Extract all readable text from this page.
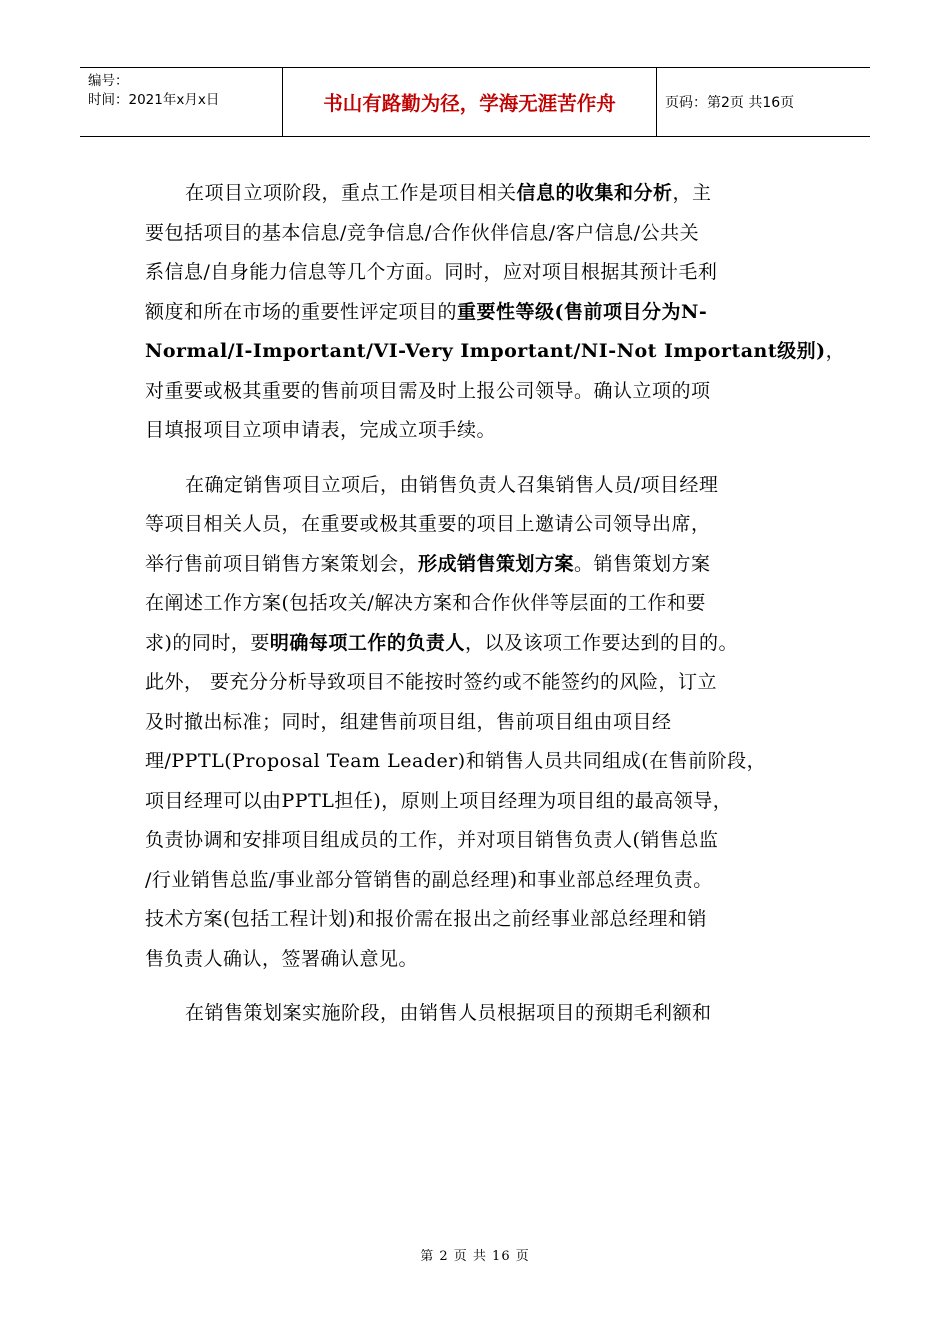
编号：
时间：2021年x月x日	书山有路勤为径，学海无涯苦作舟	页码：第2页 共16页
在项目立项阶段，重点工作是项目相关信息的收集和分析，主
要包括项目的基本信息/竞争信息/合作伙伴信息/客户信息/公共关
系信息/自身能力信息等几个方面。同时，应对项目根据其预计毛利
额度和所在市场的重要性评定项目的重要性等级(售前项目分为N-
Normal/I-Important/VI-Very Important/NI-Not Important级别)，
对重要或极其重要的售前项目需及时上报公司领导。确认立项的项
目填报项目立项申请表，完成立项手续。
在确定销售项目立项后，由销售负责人召集销售人员/项目经理
等项目相关人员，在重要或极其重要的项目上邀请公司领导出席，
举行售前项目销售方案策划会，形成销售策划方案。销售策划方案
在阐述工作方案(包括攻关/解决方案和合作伙伴等层面的工作和要
求)的同时，要明确每项工作的负责人，以及该项工作要达到的目的。
此外， 要充分分析导致项目不能按时签约或不能签约的风险，订立
及时撤出标准；同时，组建售前项目组，售前项目组由项目经
理/PPTL(Proposal Team Leader)和销售人员共同组成(在售前阶段，
项目经理可以由PPTL担任)，原则上项目经理为项目组的最高领导，
负责协调和安排项目组成员的工作，并对项目销售负责人(销售总监
/行业销售总监/事业部分管销售的副总经理)和事业部总经理负责。
技术方案(包括工程计划)和报价需在报出之前经事业部总经理和销
售负责人确认，签署确认意见。
在销售策划案实施阶段，由销售人员根据项目的预期毛利额和
第 2 页 共 16 页
